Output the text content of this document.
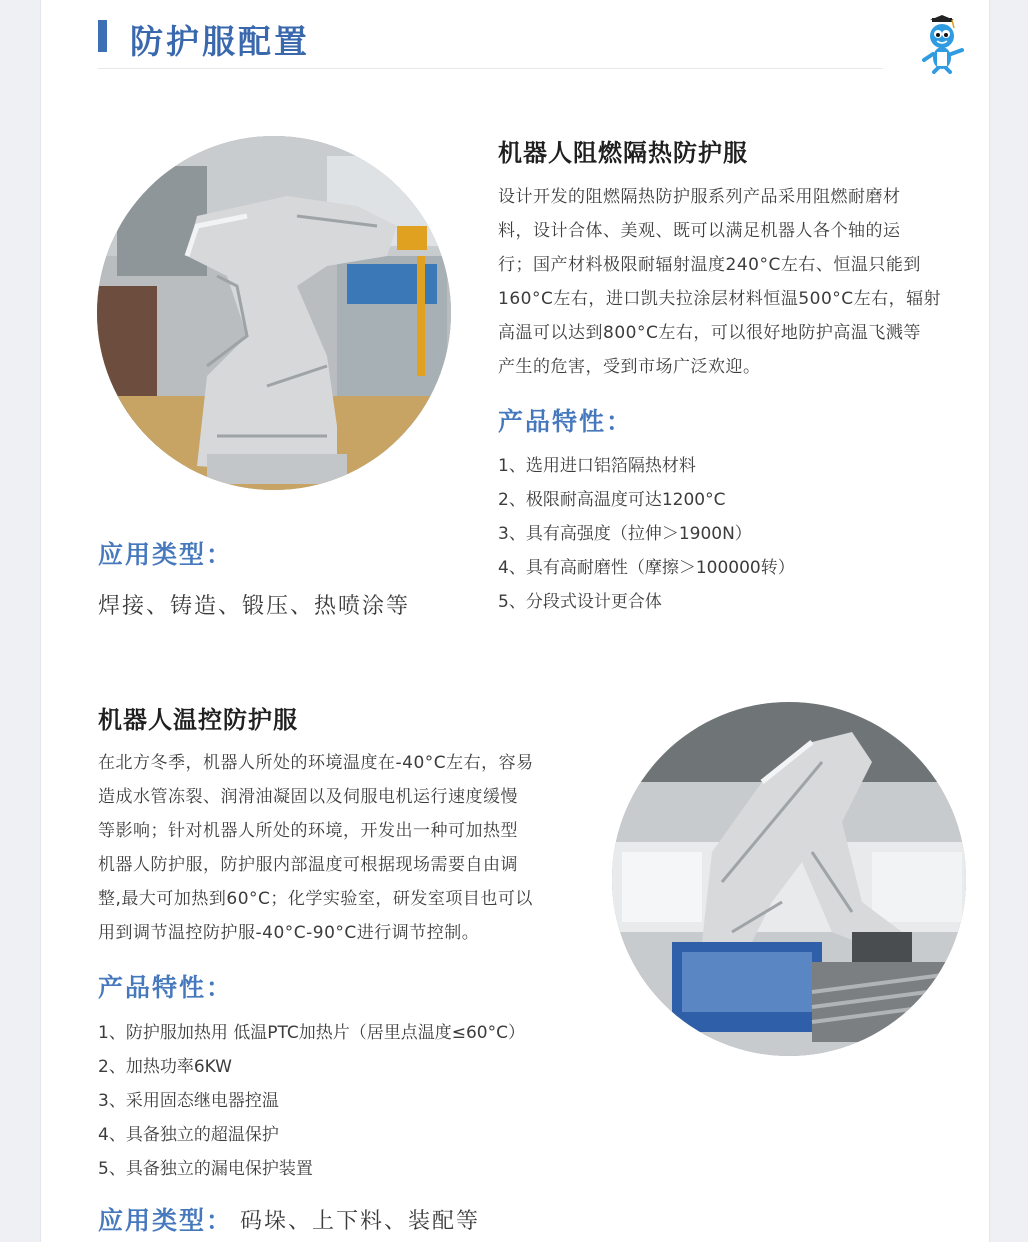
防护服配置
机器人阻燃隔热防护服

设计开发的阻燃隔热防护服系列产品采用阻燃耐磨材

料，设计合体、美观、既可以满足机器人各个轴的运

行；国产材料极限耐辐射温度240°C左右、恒温只能到

160°C左右，进口凯夫拉涂层材料恒温500°C左右，辐射

高温可以达到800°C左右，可以很好地防护高温飞溅等

产生的危害，受到市场广泛欢迎。

产品特性：
1、选用进口铝箔隔热材料
2、极限耐高温度可达1200°C
3、具有高强度（拉伸＞1900N）
4、具有高耐磨性（摩擦＞100000转）
5、分段式设计更合体
应用类型：
焊接、铸造、锻压、热喷涂等
机器人温控防护服

在北方冬季，机器人所处的环境温度在-40°C左右，容易

造成水管冻裂、润滑油凝固以及伺服电机运行速度缓慢

等影响；针对机器人所处的环境，开发出一种可加热型

机器人防护服，防护服内部温度可根据现场需要自由调

整,最大可加热到60°C；化学实验室，研发室项目也可以

用到调节温控防护服-40°C-90°C进行调节控制。

产品特性：
1、防护服加热用 低温PTC加热片（居里点温度≤60°C）
2、加热功率6KW
3、采用固态继电器控温
4、具备独立的超温保护
5、具备独立的漏电保护装置
应用类型： 码垛、上下料、装配等
